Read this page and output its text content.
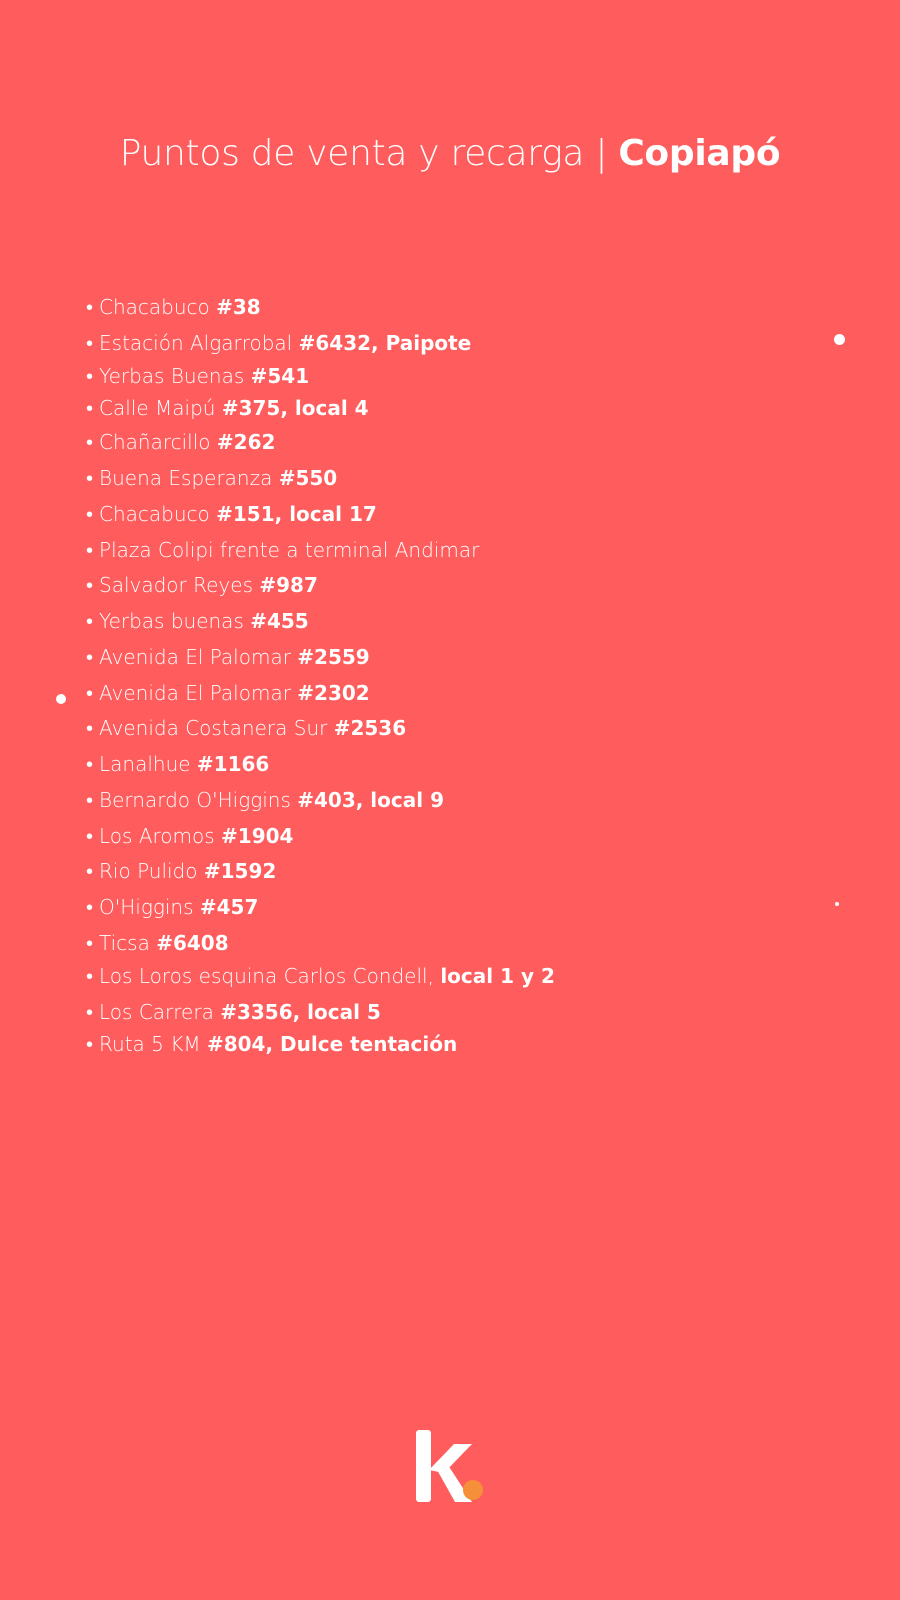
Puntos de venta y recarga | Copiapó
• Chacabuco #38
• Estación Algarrobal #6432, Paipote
• Yerbas Buenas #541
• Calle Maipú #375, local 4
• Chañarcillo #262
• Buena Esperanza #550
• Chacabuco #151, local 17
• Plaza Colipi frente a terminal Andimar
• Salvador Reyes #987
• Yerbas buenas #455
• Avenida El Palomar #2559
• Avenida El Palomar #2302
• Avenida Costanera Sur #2536
• Lanalhue #1166
• Bernardo O'Higgins #403, local 9
• Los Aromos #1904
• Rio Pulido #1592
• O'Higgins #457
• Ticsa #6408
• Los Loros esquina Carlos Condell, local 1 y 2
• Los Carrera #3356, local 5
• Ruta 5 KM #804, Dulce tentación
